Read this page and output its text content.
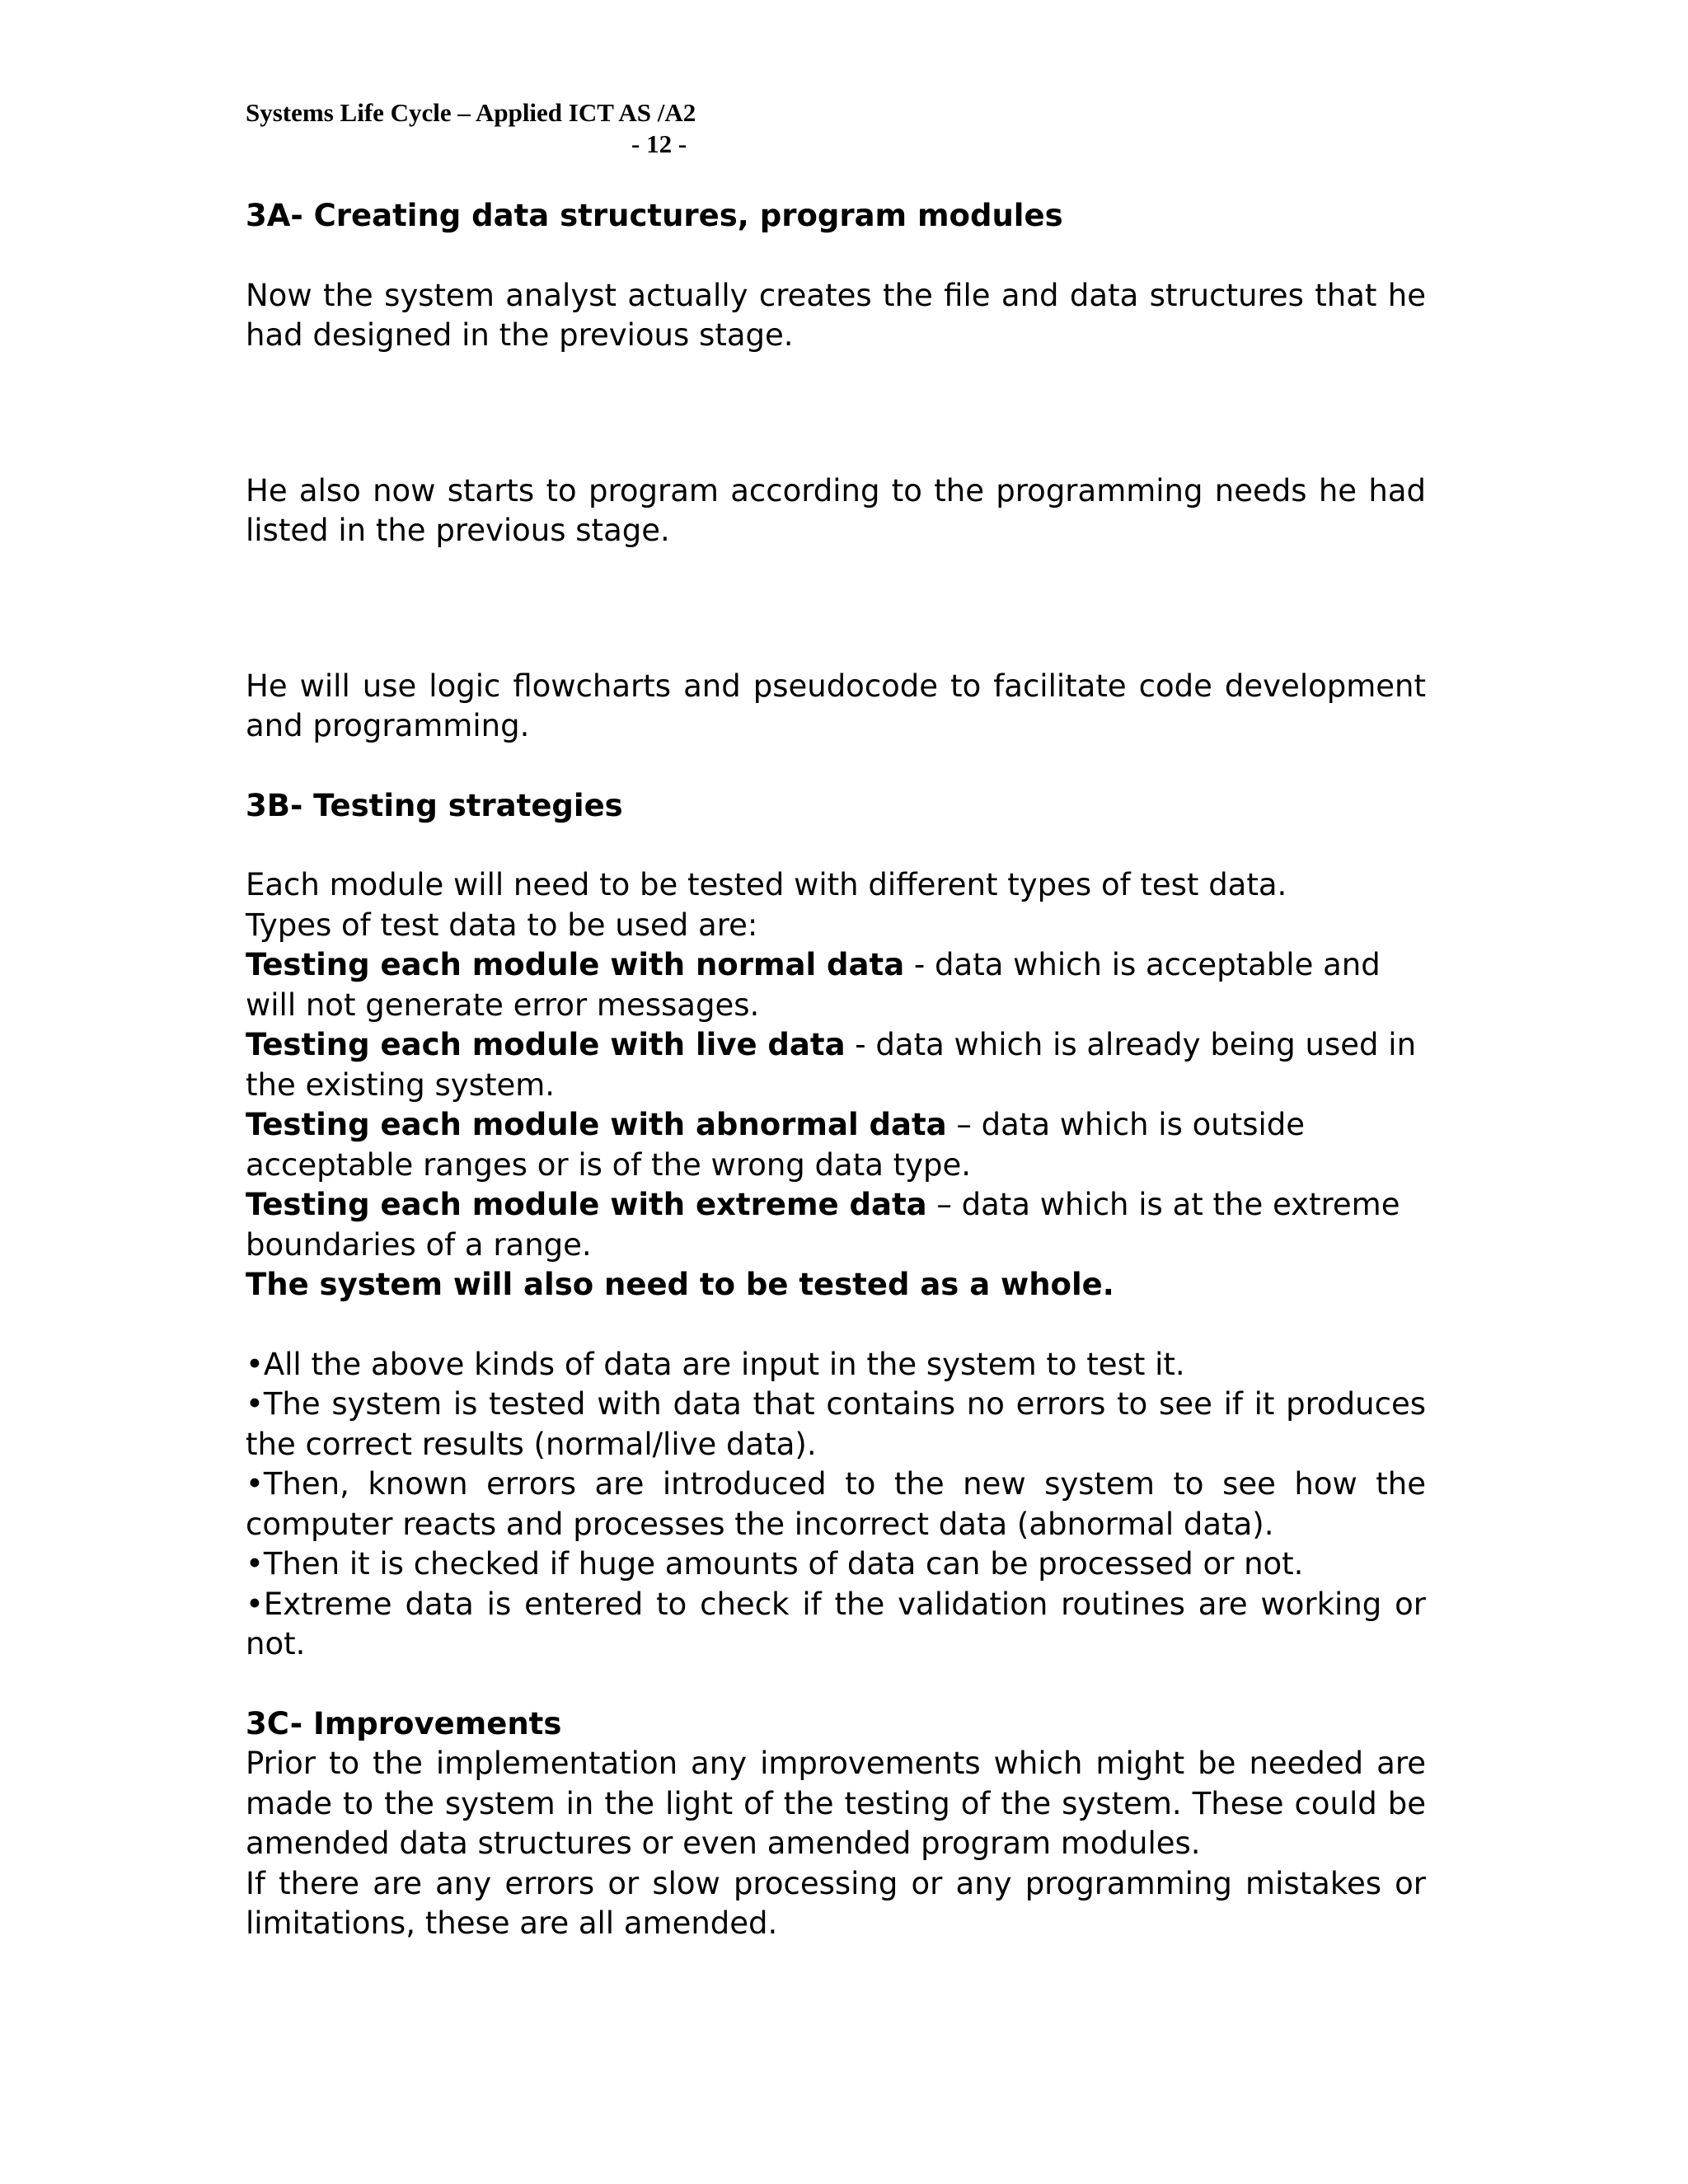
Systems Life Cycle – Applied ICT AS /A2
- 12 -

3A- Creating data structures, program modules

Now the system analyst actually creates the file and data structures that he had designed in the previous stage.

He also now starts to program according to the programming needs he had listed in the previous stage.

He will use logic flowcharts and pseudocode to facilitate code development and programming.

3B- Testing strategies

Each module will need to be tested with different types of test data.

Types of test data to be used are:

Testing each module with normal data - data which is acceptable and will not generate error messages.

Testing each module with live data - data which is already being used in the existing system.

Testing each module with abnormal data – data which is outside acceptable ranges or is of the wrong data type.

Testing each module with extreme data – data which is at the extreme boundaries of a range.

The system will also need to be tested as a whole.

•All the above kinds of data are input in the system to test it.

•The system is tested with data that contains no errors to see if it produces the correct results (normal/live data).

•Then, known errors are introduced to the new system to see how the computer reacts and processes the incorrect data (abnormal data).

•Then it is checked if huge amounts of data can be processed or not.

•Extreme data is entered to check if the validation routines are working or not.

3C- Improvements

Prior to the implementation any improvements which might be needed are made to the system in the light of the testing of the system. These could be amended data structures or even amended program modules.

If there are any errors or slow processing or any programming mistakes or limitations, these are all amended.
